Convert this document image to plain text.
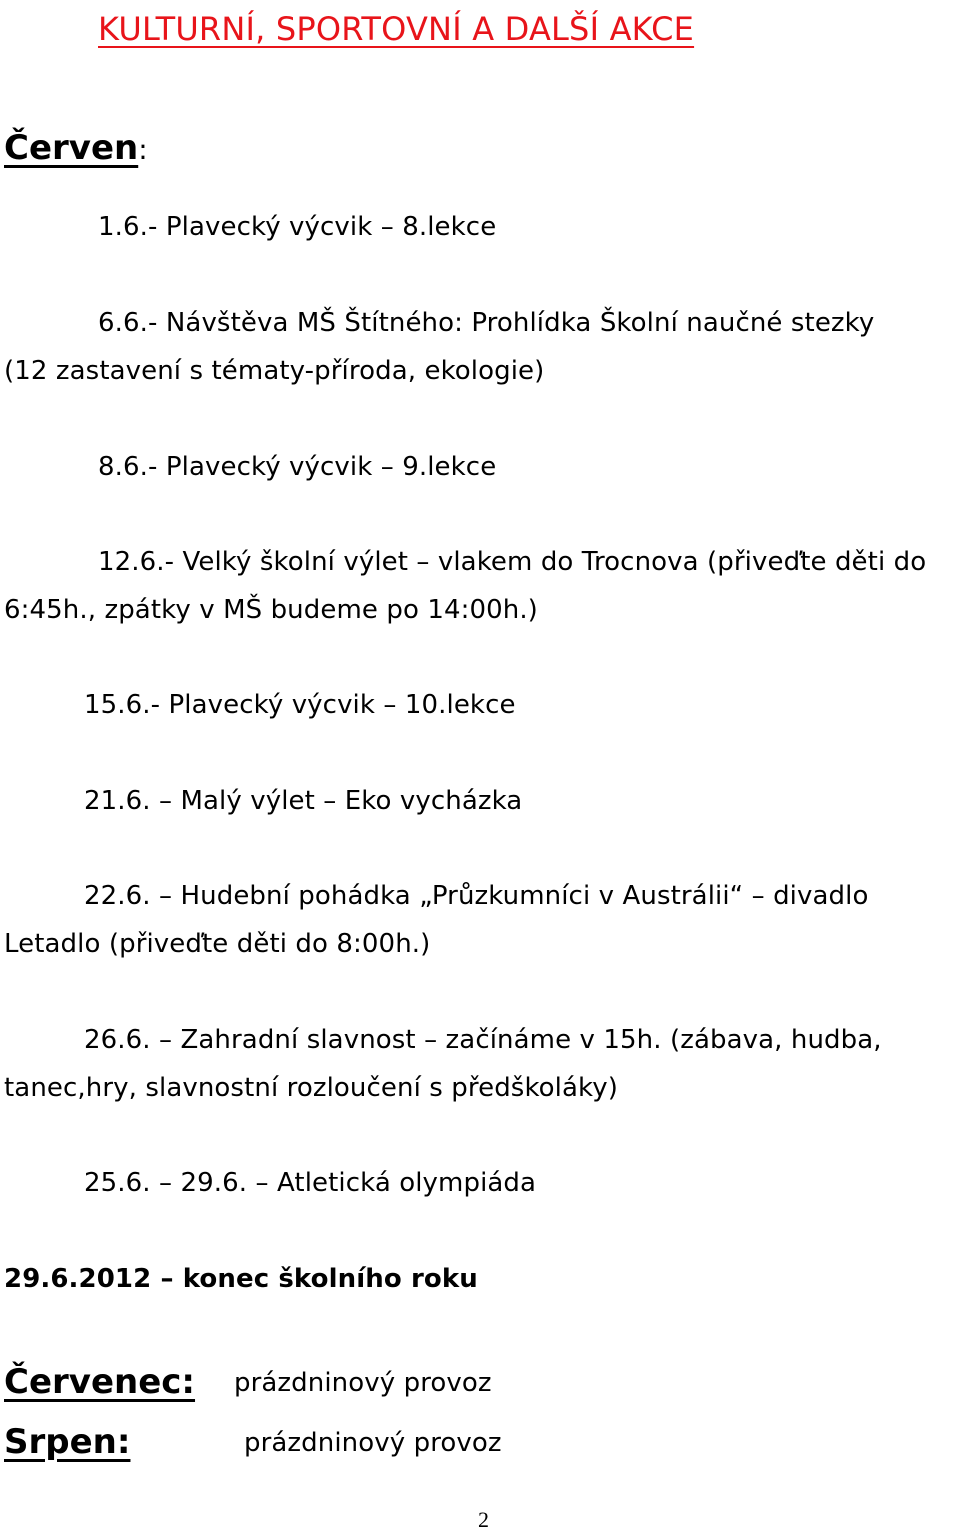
KULTURNÍ, SPORTOVNÍ A DALŠÍ AKCE
Červen:
1.6.- Plavecký výcvik – 8.lekce
6.6.- Návštěva MŠ Štítného: Prohlídka Školní naučné stezky
(12 zastavení s tématy-příroda, ekologie)
8.6.- Plavecký výcvik – 9.lekce
12.6.- Velký školní výlet – vlakem do Trocnova (přiveďte děti do
6:45h., zpátky v MŠ budeme po 14:00h.)
15.6.- Plavecký výcvik – 10.lekce
21.6. – Malý výlet – Eko vycházka
22.6. – Hudební pohádka „Průzkumníci v Austrálii“ – divadlo
Letadlo (přiveďte děti do 8:00h.)
26.6. – Zahradní slavnost – začínáme v 15h. (zábava, hudba,
tanec,hry, slavnostní rozloučení s předškoláky)
25.6. – 29.6. – Atletická olympiáda
29.6.2012 – konec školního roku
Červenec: prázdninový provoz
Srpen:	prázdninový provoz
2
